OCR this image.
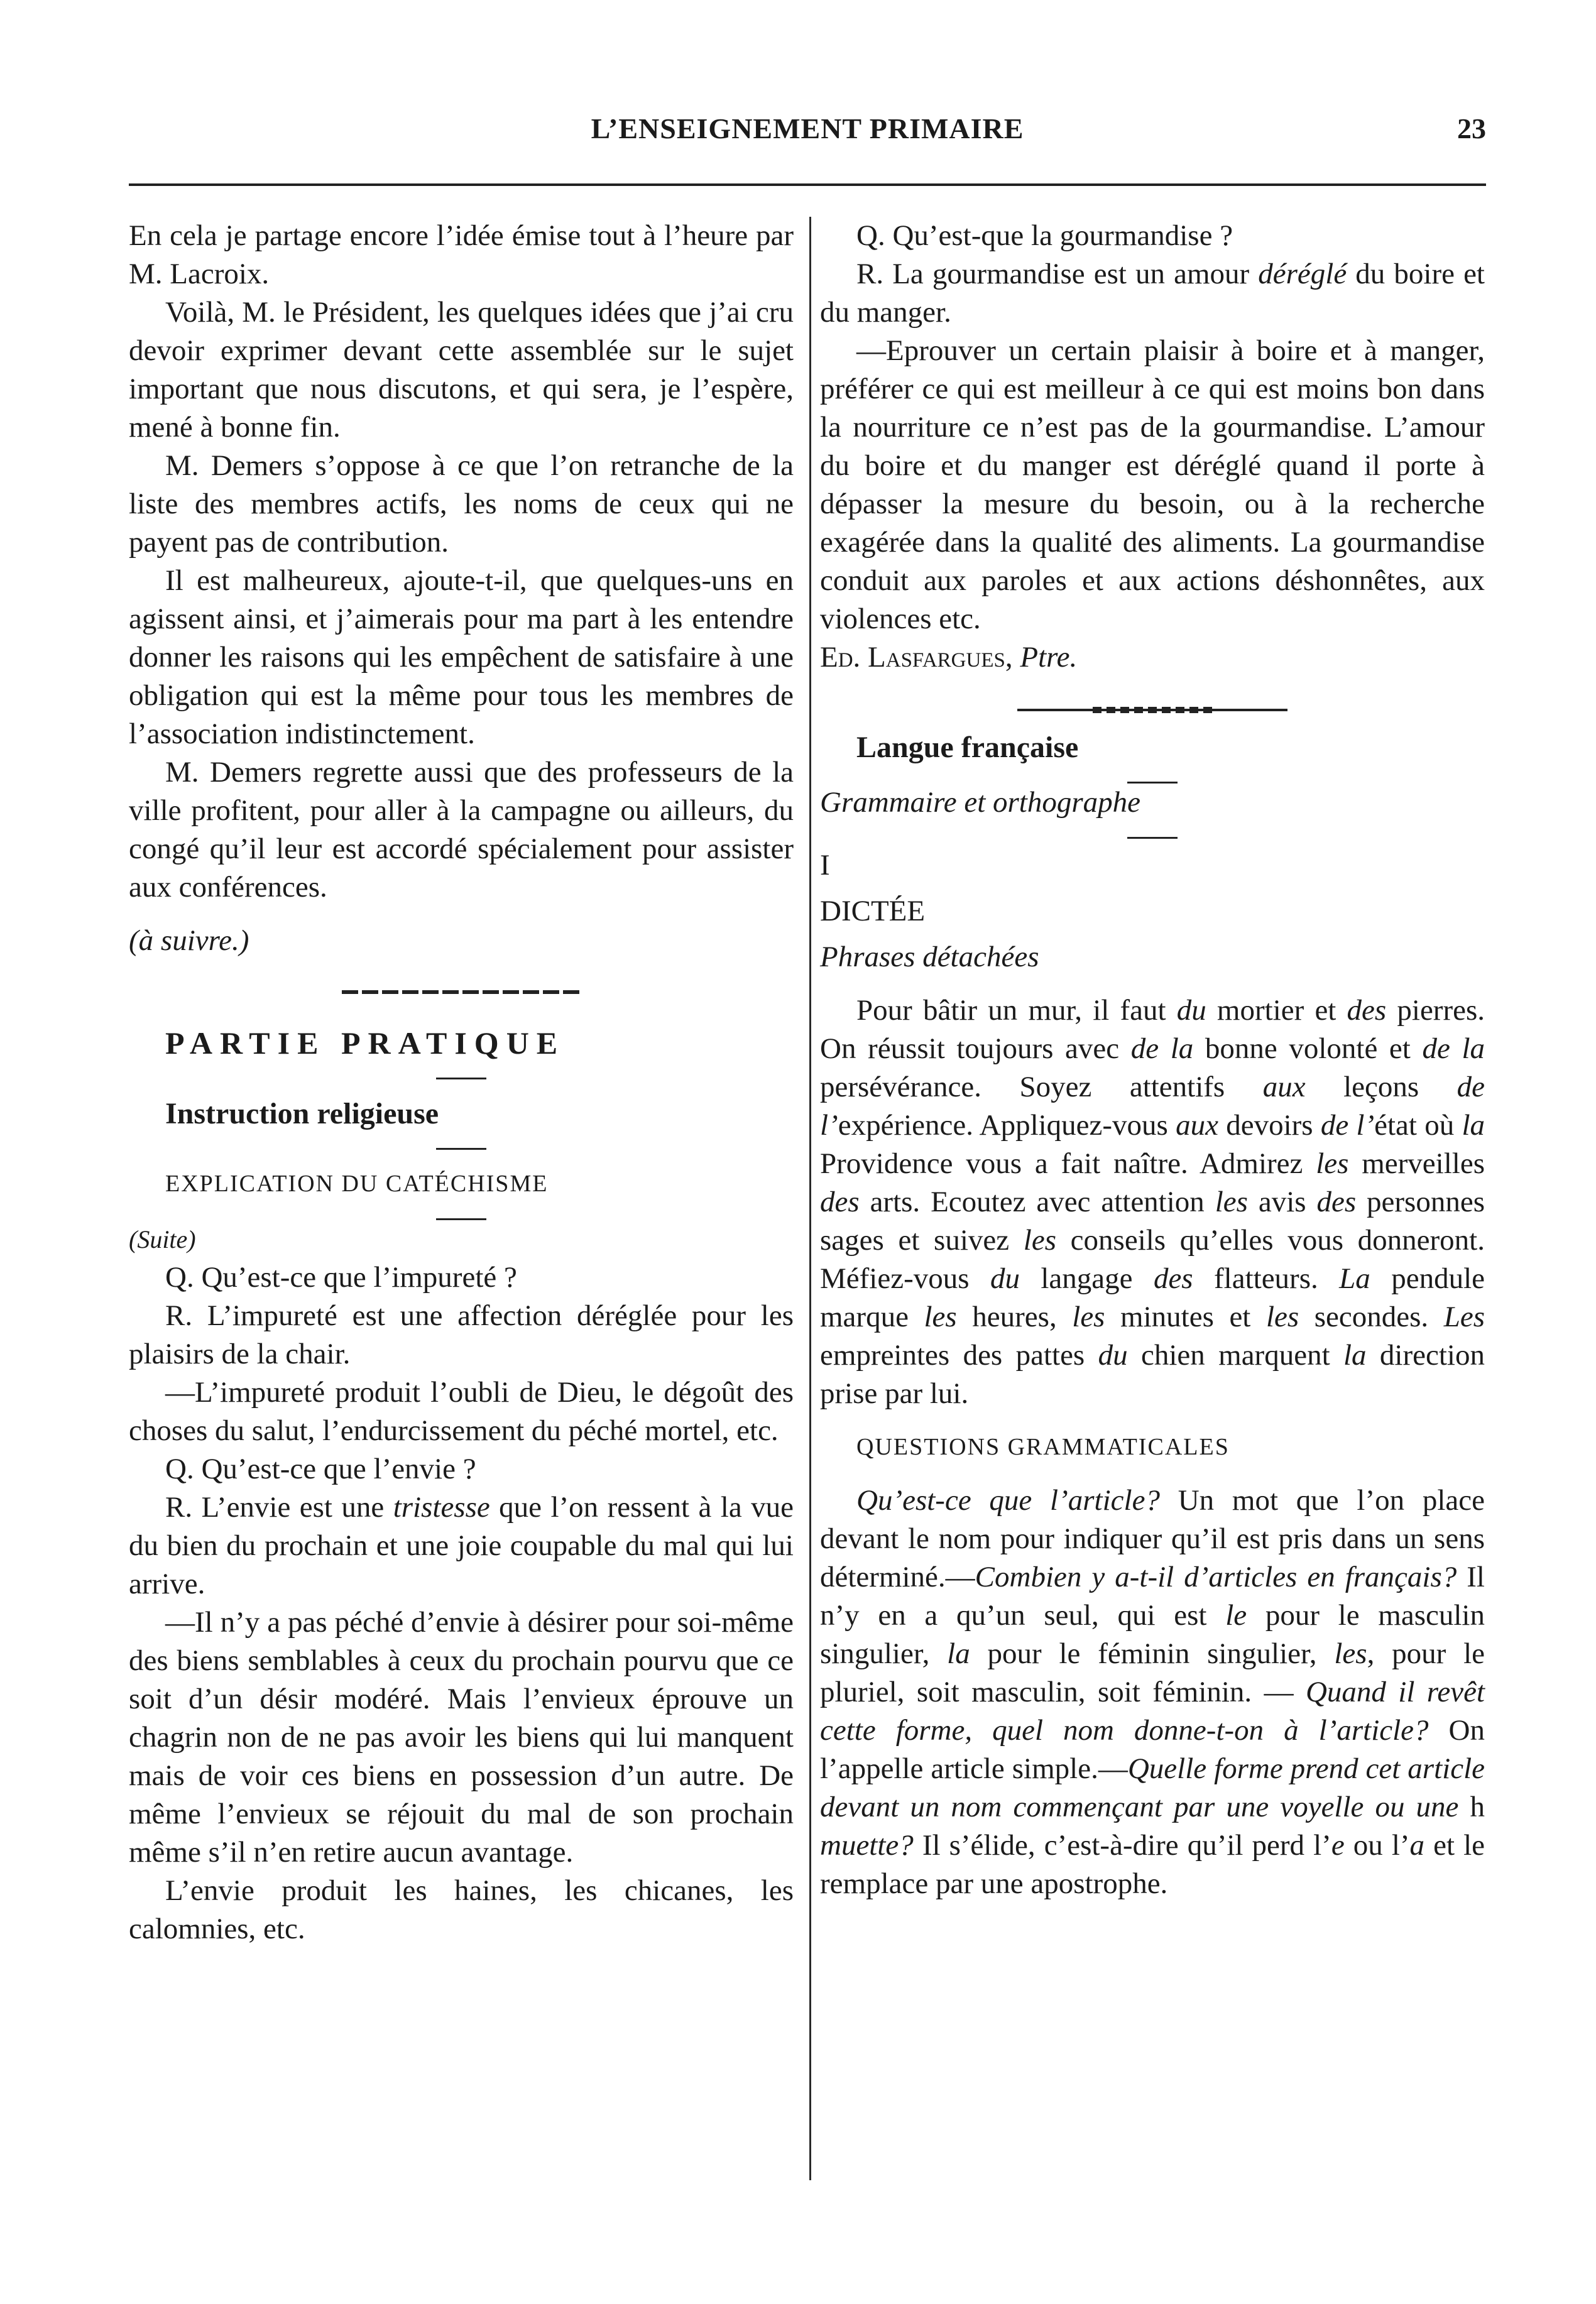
L’ENSEIGNEMENT PRIMAIRE	23

En cela je partage encore l’idée émise tout à l’heure par M. Lacroix.

Voilà, M. le Président, les quelques idées que j’ai cru devoir exprimer devant cette assemblée sur le sujet important que nous discutons, et qui sera, je l’espère, mené à bonne fin.

M. Demers s’oppose à ce que l’on retranche de la liste des membres actifs, les noms de ceux qui ne payent pas de contribution.

Il est malheureux, ajoute-t-il, que quelques-uns en agissent ainsi, et j’aimerais pour ma part à les entendre donner les raisons qui les empêchent de satisfaire à une obligation qui est la même pour tous les membres de l’association indistinctement.

M. Demers regrette aussi que des professeurs de la ville profitent, pour aller à la campagne ou ailleurs, du congé qu’il leur est accordé spécialement pour assister aux conférences.

(à suivre.)

PARTIE PRATIQUE

Instruction religieuse

EXPLICATION DU CATÉCHISME

(Suite)

Q. Qu’est-ce que l’impureté ?

R. L’impureté est une affection déréglée pour les plaisirs de la chair.

—L’impureté produit l’oubli de Dieu, le dégoût des choses du salut, l’endurcissement du péché mortel, etc.

Q. Qu’est-ce que l’envie ?

R. L’envie est une tristesse que l’on ressent à la vue du bien du prochain et une joie coupable du mal qui lui arrive.

—Il n’y a pas péché d’envie à désirer pour soi-même des biens semblables à ceux du prochain pourvu que ce soit d’un désir modéré. Mais l’envieux éprouve un chagrin non de ne pas avoir les biens qui lui manquent mais de voir ces biens en possession d’un autre. De même l’envieux se réjouit du mal de son prochain même s’il n’en retire aucun avantage.

L’envie produit les haines, les chicanes, les calomnies, etc.

Q. Qu’est-que la gourmandise ?

R. La gourmandise est un amour déréglé du boire et du manger.

—Eprouver un certain plaisir à boire et à manger, préférer ce qui est meilleur à ce qui est moins bon dans la nourriture ce n’est pas de la gourmandise. L’amour du boire et du manger est déréglé quand il porte à dépasser la mesure du besoin, ou à la recherche exagérée dans la qualité des aliments. La gourmandise conduit aux paroles et aux actions déshonnêtes, aux violences etc.

Ed. Lasfargues, Ptre.

Langue française

Grammaire et orthographe

I

DICTÉE

Phrases détachées

Pour bâtir un mur, il faut du mortier et des pierres. On réussit toujours avec de la bonne volonté et de la persévérance. Soyez attentifs aux leçons de l’expérience. Appliquez-vous aux devoirs de l’état où la Providence vous a fait naître. Admirez les merveilles des arts. Ecoutez avec attention les avis des personnes sages et suivez les conseils qu’elles vous donneront. Méfiez-vous du langage des flatteurs. La pendule marque les heures, les minutes et les secondes. Les empreintes des pattes du chien marquent la direction prise par lui.

QUESTIONS GRAMMATICALES

Qu’est-ce que l’article? Un mot que l’on place devant le nom pour indiquer qu’il est pris dans un sens déterminé.—Combien y a-t-il d’articles en français? Il n’y en a qu’un seul, qui est le pour le masculin singulier, la pour le féminin singulier, les, pour le pluriel, soit masculin, soit féminin. — Quand il revêt cette forme, quel nom donne-t-on à l’article? On l’appelle article simple.—Quelle forme prend cet article devant un nom commençant par une voyelle ou une h muette? Il s’élide, c’est-à-dire qu’il perd l’e ou l’a et le remplace par une apostrophe.
